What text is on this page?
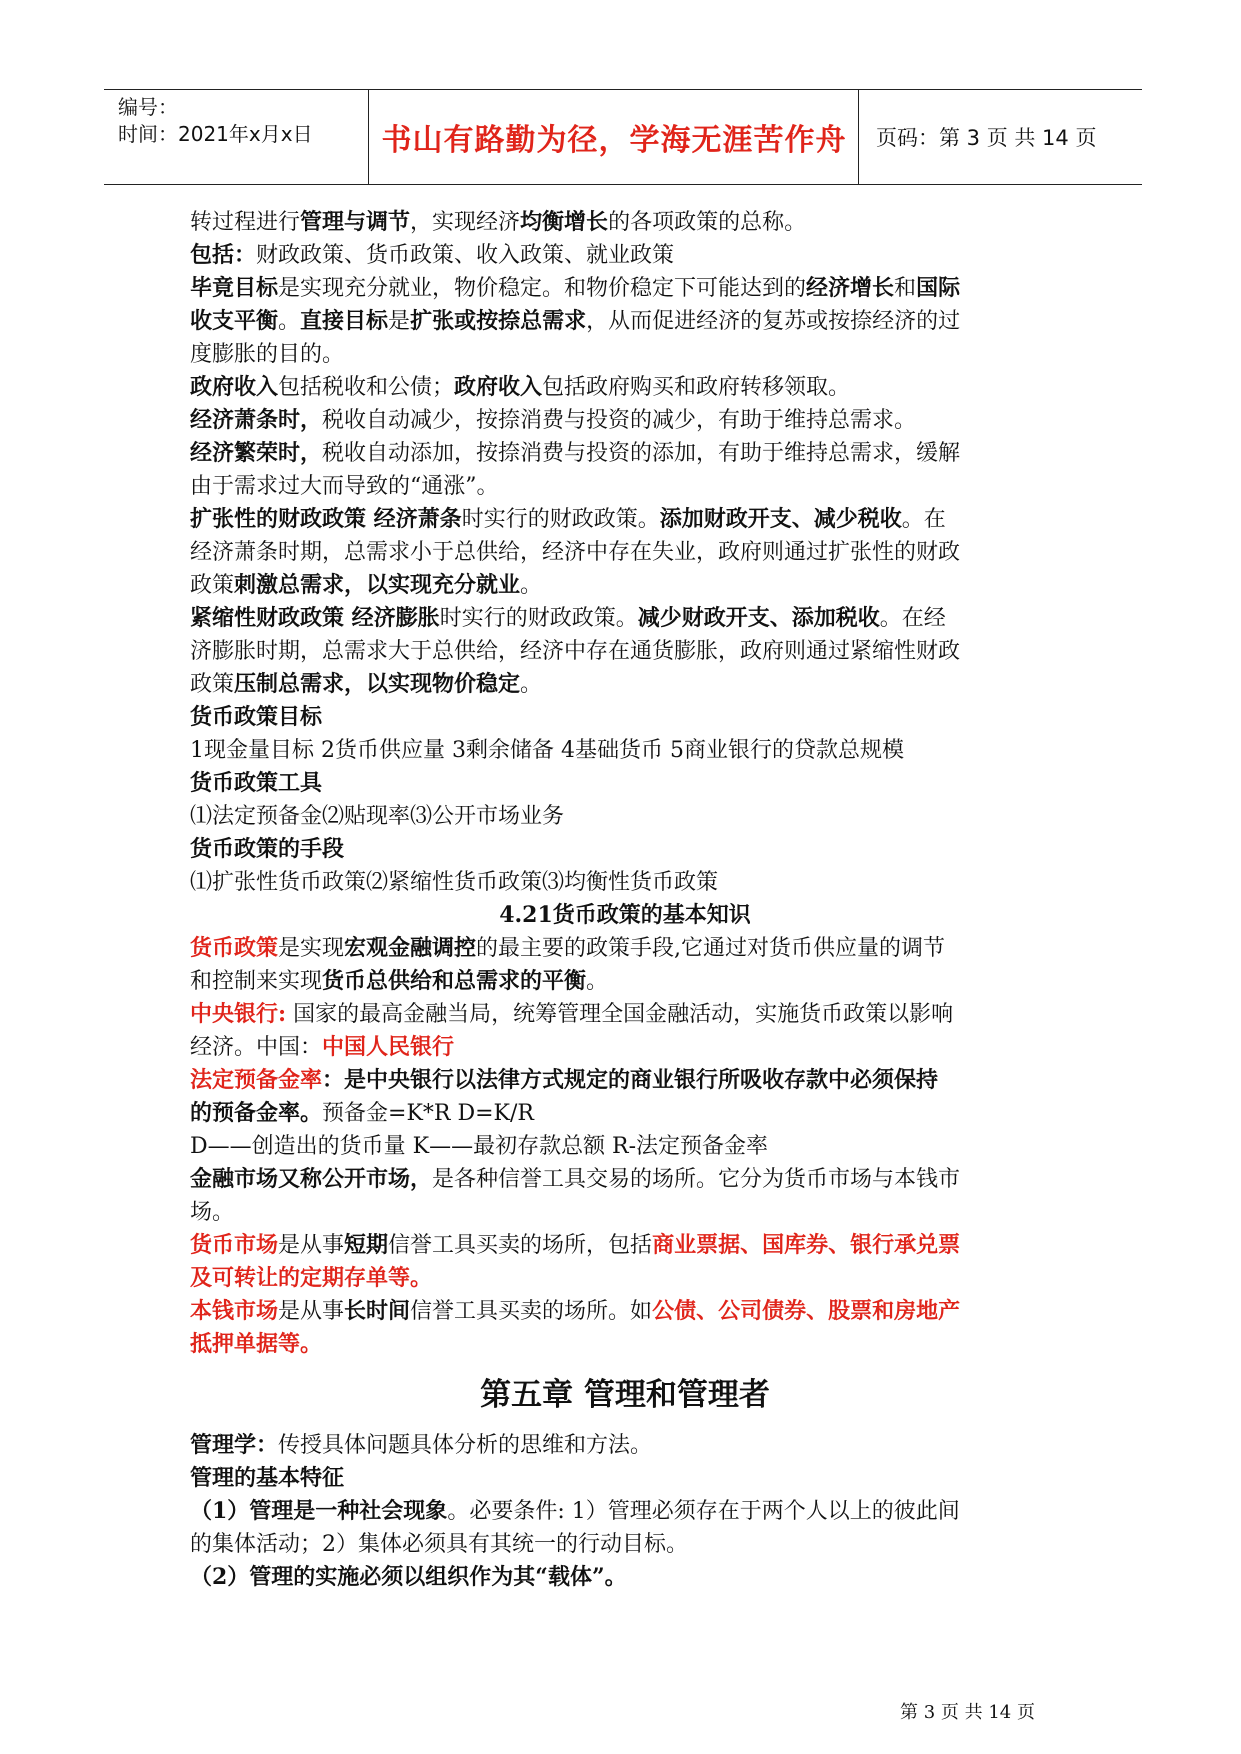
编号：
时间：2021年x月x日	书山有路勤为径，学海无涯苦作舟	页码：第 3 页 共 14 页
转过程进行管理与调节，实现经济均衡增长的各项政策的总称。
包括：财政政策、货币政策、收入政策、就业政策
毕竟目标是实现充分就业，物价稳定。和物价稳定下可能达到的经济增长和国际
收支平衡。直接目标是扩张或按捺总需求，从而促进经济的复苏或按捺经济的过
度膨胀的目的。
政府收入包括税收和公债；政府收入包括政府购买和政府转移领取。
经济萧条时，税收自动减少，按捺消费与投资的减少，有助于维持总需求。
经济繁荣时，税收自动添加，按捺消费与投资的添加，有助于维持总需求，缓解
由于需求过大而导致的“通涨”。
扩张性的财政政策 经济萧条时实行的财政政策。添加财政开支、减少税收。在
经济萧条时期，总需求小于总供给，经济中存在失业，政府则通过扩张性的财政
政策刺激总需求，以实现充分就业。
紧缩性财政政策 经济膨胀时实行的财政政策。减少财政开支、添加税收。在经
济膨胀时期，总需求大于总供给，经济中存在通货膨胀，政府则通过紧缩性财政
政策压制总需求，以实现物价稳定。
货币政策目标
1现金量目标 2货币供应量 3剩余储备 4基础货币 5商业银行的贷款总规模
货币政策工具
⑴法定预备金⑵贴现率⑶公开市场业务
货币政策的手段
⑴扩张性货币政策⑵紧缩性货币政策⑶均衡性货币政策
4.21货币政策的基本知识
货币政策是实现宏观金融调控的最主要的政策手段,它通过对货币供应量的调节
和控制来实现货币总供给和总需求的平衡。
中央银行: 国家的最高金融当局，统筹管理全国金融活动，实施货币政策以影响
经济。中国：中国人民银行
法定预备金率：是中央银行以法律方式规定的商业银行所吸收存款中必须保持
的预备金率。预备金=K*R D=K/R
D——创造出的货币量 K——最初存款总额 R-法定预备金率
金融市场又称公开市场，是各种信誉工具交易的场所。它分为货币市场与本钱市
场。
货币市场是从事短期信誉工具买卖的场所，包括商业票据、国库券、银行承兑票
及可转让的定期存单等。
本钱市场是从事长时间信誉工具买卖的场所。如公债、公司债券、股票和房地产
抵押单据等。
第五章 管理和管理者
管理学：传授具体问题具体分析的思维和方法。
管理的基本特征
（1）管理是一种社会现象。必要条件: 1）管理必须存在于两个人以上的彼此间
的集体活动；2）集体必须具有其统一的行动目标。
（2）管理的实施必须以组织作为其“载体”。
第 3 页 共 14 页
